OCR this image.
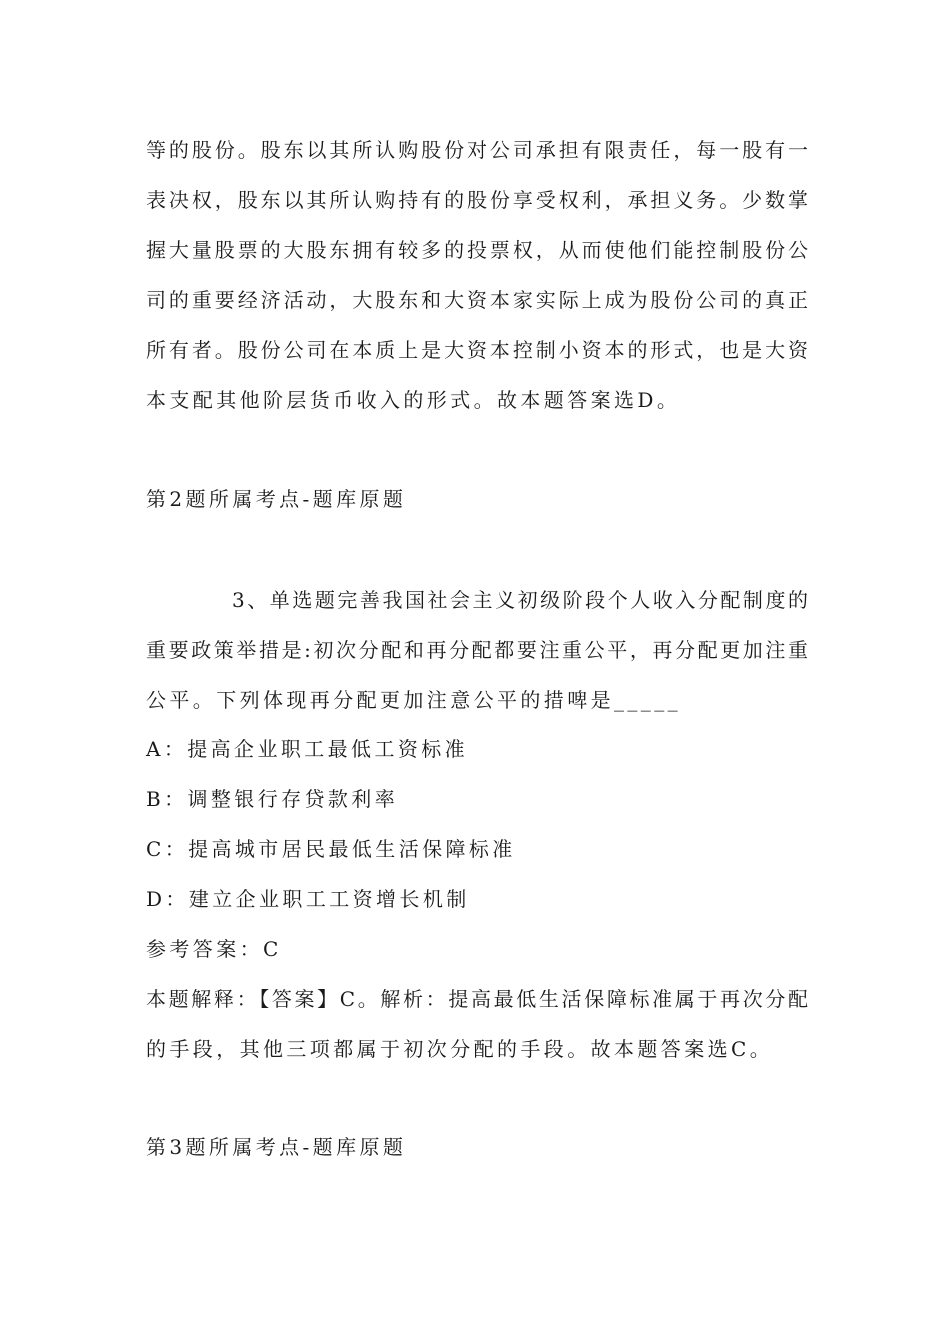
等的股份。股东以其所认购股份对公司承担有限责任，每一股有一
表决权，股东以其所认购持有的股份享受权利，承担义务。少数掌
握大量股票的大股东拥有较多的投票权，从而使他们能控制股份公
司的重要经济活动，大股东和大资本家实际上成为股份公司的真正
所有者。股份公司在本质上是大资本控制小资本的形式，也是大资
本支配其他阶层货币收入的形式。故本题答案选D。
第2题所属考点-题库原题
3、单选题完善我国社会主义初级阶段个人收入分配制度的
重要政策举措是:初次分配和再分配都要注重公平，再分配更加注重
公平。下列体现再分配更加注意公平的措啤是_____
A：提高企业职工最低工资标准
B：调整银行存贷款利率
C：提高城市居民最低生活保障标准
D：建立企业职工工资增长机制
参考答案：C
本题解释：【答案】C。解析：提高最低生活保障标准属于再次分配
的手段，其他三项都属于初次分配的手段。故本题答案选C。
第3题所属考点-题库原题
